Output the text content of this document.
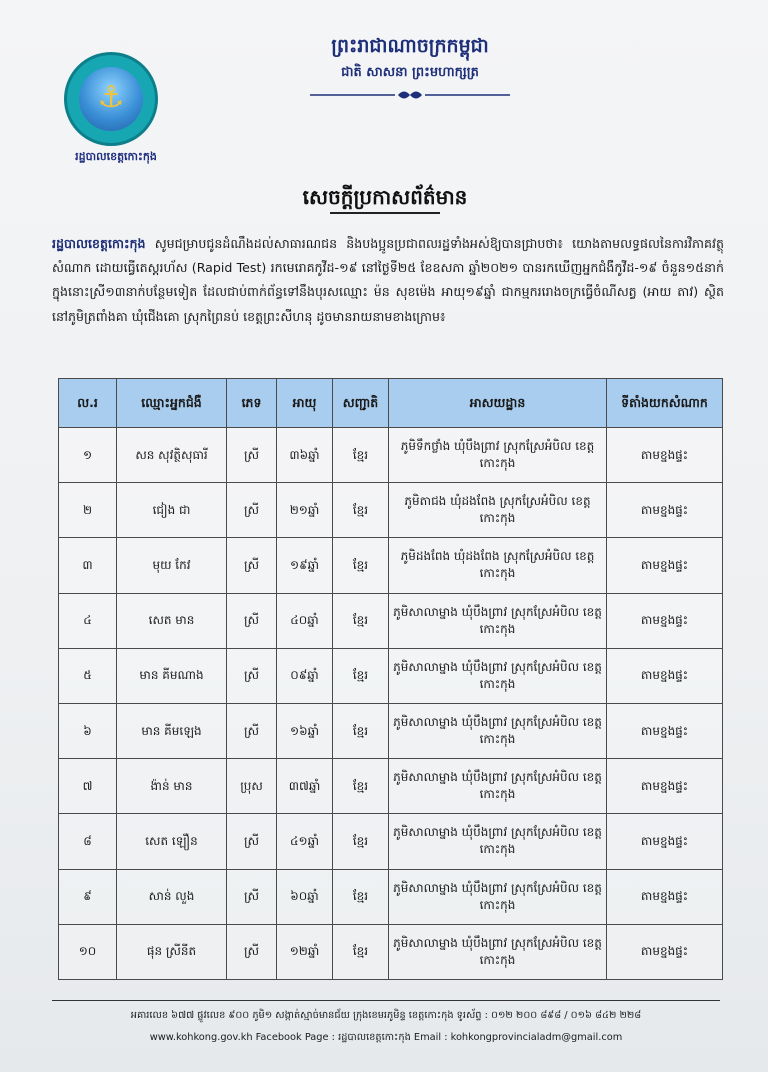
⚓
រដ្ឋបាលខេត្តកោះកុង
ព្រះរាជាណាចក្រកម្ពុជា
ជាតិ សាសនា ព្រះមហាក្សត្រ
សេចក្តីប្រកាសព័ត៌មាន
រដ្ឋបាលខេត្តកោះកុង សូមជម្រាបជូនដំណឹងដល់សាធារណជន និងបងប្អូនប្រជាពលរដ្ឋទាំងអស់ឱ្យបានជ្រាបថា៖ យោងតាមលទ្ធផលនៃការវិភាគវត្ថុសំណាក ដោយធ្វើតេស្តរហ័ស (Rapid Test) រកមេរោគកូវីដ-១៩ នៅថ្ងៃទី២៥ ខែឧសភា ឆ្នាំ២០២១ បានរកឃើញអ្នកជំងឺកូវីដ-១៩ ចំនួន១៥នាក់ក្នុងនោះស្រី១៣នាក់បន្ថែមទៀត ដែលជាប់ពាក់ព័ន្ធទៅនឹងបុរសឈ្មោះ ម៉ន សុខម៉េង អាយុ១៩ឆ្នាំ ជាកម្មកររោងចក្រធ្វើចំណីសត្វ (អាយ តាវ) ស្ថិតនៅភូមិត្រពាំងគា ឃុំជើងគោ ស្រុកព្រៃនប់ ខេត្តព្រះសីហនុ ដូចមានរាយនាមខាងក្រោម៖
ល.រ	ឈ្មោះអ្នកជំងឺ	ភេទ	អាយុ	សញ្ជាតិ	អាសយដ្ឋាន	ទីតាំងយកសំណាក
១	សន សុវត្ថិសុធារី	ស្រី	៣៦ឆ្នាំ	ខ្មែរ	ភូមិទឹកថ្លាំង ឃុំបឹងព្រាវ ស្រុកស្រែអំបិល ខេត្តកោះកុង	តាមខ្នងផ្ទះ
២	ជៀង ជា	ស្រី	២១ឆ្នាំ	ខ្មែរ	ភូមិតាជង ឃុំដងពែង ស្រុកស្រែអំបិល ខេត្តកោះកុង	តាមខ្នងផ្ទះ
៣	មុយ កែវ	ស្រី	១៩ឆ្នាំ	ខ្មែរ	ភូមិដងពែង ឃុំដងពែង ស្រុកស្រែអំបិល ខេត្តកោះកុង	តាមខ្នងផ្ទះ
៤	សេត មាន	ស្រី	៤០ឆ្នាំ	ខ្មែរ	ភូមិសាលាម្នាង ឃុំបឹងព្រាវ ស្រុកស្រែអំបិល ខេត្តកោះកុង	តាមខ្នងផ្ទះ
៥	មាន គីមណាង	ស្រី	០៩ឆ្នាំ	ខ្មែរ	ភូមិសាលាម្នាង ឃុំបឹងព្រាវ ស្រុកស្រែអំបិល ខេត្តកោះកុង	តាមខ្នងផ្ទះ
៦	មាន គីមឡេង	ស្រី	១៦ឆ្នាំ	ខ្មែរ	ភូមិសាលាម្នាង ឃុំបឹងព្រាវ ស្រុកស្រែអំបិល ខេត្តកោះកុង	តាមខ្នងផ្ទះ
៧	ង៉ាន់ មាន	ប្រុស	៣៧ឆ្នាំ	ខ្មែរ	ភូមិសាលាម្នាង ឃុំបឹងព្រាវ ស្រុកស្រែអំបិល ខេត្តកោះកុង	តាមខ្នងផ្ទះ
៨	សេត ឡឿន	ស្រី	៤១ឆ្នាំ	ខ្មែរ	ភូមិសាលាម្នាង ឃុំបឹងព្រាវ ស្រុកស្រែអំបិល ខេត្តកោះកុង	តាមខ្នងផ្ទះ
៩	សាន់ លួង	ស្រី	៦០ឆ្នាំ	ខ្មែរ	ភូមិសាលាម្នាង ឃុំបឹងព្រាវ ស្រុកស្រែអំបិល ខេត្តកោះកុង	តាមខ្នងផ្ទះ
១០	ផុន ស្រីនីត	ស្រី	១២ឆ្នាំ	ខ្មែរ	ភូមិសាលាម្នាង ឃុំបឹងព្រាវ ស្រុកស្រែអំបិល ខេត្តកោះកុង	តាមខ្នងផ្ទះ
អគារលេខ ៦៧៧ ផ្លូវលេខ ៩០០ ភូមិ១ សង្កាត់ស្មាច់មានជ័យ ក្រុងខេមរភូមិន្ទ ខេត្តកោះកុង ទូរស័ព្ទ : ០១២ ២០០ ៨៩៨ / ០១៦ ៨៤២ ២២៨
www.kohkong.gov.kh Facebook Page : រដ្ឋបាលខេត្តកោះកុង Email : kohkongprovincialadm@gmail.com
